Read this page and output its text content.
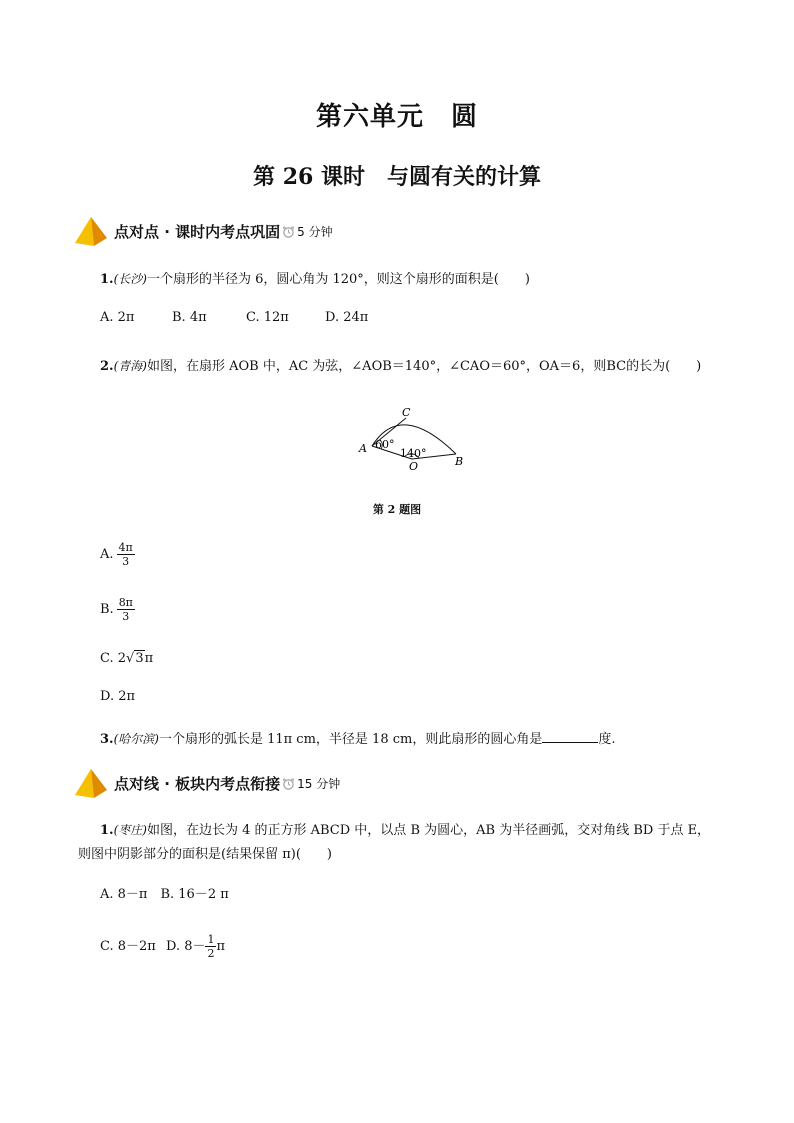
第六单元　圆
第 26 课时　与圆有关的计算
点对点 · 课时内考点巩固 5 分钟
1.(长沙)一个扇形的半径为 6，圆心角为 120°，则这个扇形的面积是(　　)
A. 2π	B. 4π	C. 12π	D. 24π
2.(青海)如图，在扇形 AOB 中，AC 为弦，∠AOB＝140°，∠CAO＝60°，OA＝6，则BC的长为(　　)
A
B
C
O
60°
140°
第 2 题图
A. $\frac{4\pi}{3}$
B. $\frac{8\pi}{3}$
C. 2√3π
D. 2π
3.(哈尔滨)一个扇形的弧长是 11π cm，半径是 18 cm，则此扇形的圆心角是	度.
点对线 · 板块内考点衔接 15 分钟
1.(枣庄)如图，在边长为 4 的正方形 ABCD 中，以点 B 为圆心，AB 为半径画弧，交对角线 BD 于点 E，
则图中阴影部分的面积是(结果保留 π)(　　)
A. 8－π　B. 16－2 π
C. 8－2π D. $8- \frac{1}{2}$ π
